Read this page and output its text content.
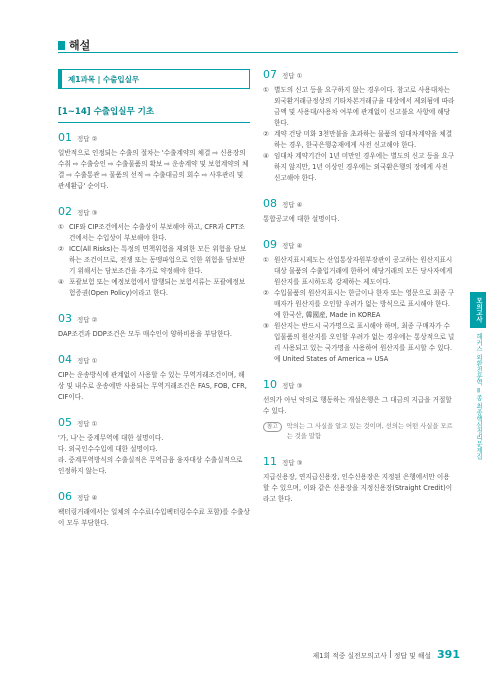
해설
제1과목 | 수출입실무
[1~14] 수출입실무 기초
01 정답 ②
일반적으로 인정되는 수출의 절차는 '수출계약의 체결 ⇨ 신용장의 수취 ⇨ 수출승인 ⇨ 수출물품의 확보 ⇨ 운송계약 및 보험계약의 체결 ⇨ 수출통관 ⇨ 물품의 선적 ⇨ 수출대금의 회수 ⇨ 사후관리 및 관세환급' 순이다.
02 정답 ③
① CIF와 CIP조건에서는 수출상이 부보해야 하고, CFR과 CPT조건에서는 수입상이 부보해야 한다.
② ICC(All Risks)는 특정의 면책위험을 제외한 모든 위험을 담보하는 조건이므로, 전쟁 또는 동맹파업으로 인한 위험을 담보받기 위해서는 담보조건을 추가로 약정해야 한다.
④ 포괄보험 또는 예정보험에서 발행되는 보험서류는 포괄예정보험증권(Open Policy)이라고 한다.
03 정답 ②
DAP조건과 DDP조건은 모두 매수인이 양하비용을 부담한다.
04 정답 ①
CIP는 운송방식에 관계없이 사용할 수 있는 무역거래조건이며, 해상 및 내수로 운송에만 사용되는 무역거래조건은 FAS, FOB, CFR, CIF이다.
05 정답 ①
'가, 나'는 중계무역에 대한 설명이다.
다. 외국인수수입에 대한 설명이다.
라. 중계무역방식의 수출실적은 무역금융 융자대상 수출실적으로 인정하지 않는다.
06 정답 ④
팩터링거래에서는 일체의 수수료(수입팩터링수수료 포함)를 수출상이 모두 부담한다.
07 정답 ①
① 별도의 신고 등을 요구하지 않는 경우이다. 참고로 사용대차는 외국환거래규정상의 기타차본거래규율 대상에서 제외됨에 따라 금액 및 사용대/사용차 여부에 관계없이 신고불요 사항에 해당한다.
② 계약 건당 미화 3천만불을 초과하는 물품의 임대차계약을 체결하는 경우, 한국은행총재에게 사전 신고해야 한다.
④ 임대차 계약기간이 1년 미만인 경우에는 별도의 신고 등을 요구하지 않지만, 1년 이상인 경우에는 외국환은행의 장에게 사전 신고해야 한다.
08 정답 ④
통합공고에 대한 설명이다.
09 정답 ④
① 원산지표시제도는 산업통상자원부장관이 공고하는 원산지표시대상 물품의 수출입거래에 한하여 해당거래의 모든 당사자에게 원산지를 표시하도록 강제하는 제도이다.
② 수입물품의 원산지표시는 한글이나 한자 또는 영문으로 최종 구매자가 원산지를 오인할 우려가 없는 방식으로 표시해야 한다.
예 한국산, 韓國産, Made in KOREA
③ 원산지는 반드시 국가명으로 표시해야 하며, 최종 구매자가 수입물품의 원산지를 오인할 우려가 없는 경우에는 통상적으로 널리 사용되고 있는 국가명을 사용하여 원산지를 표시할 수 있다.
예 United States of America ⇨ USA
10 정답 ③
선의가 아닌 악의로 행동하는 개설은행은 그 대금의 지급을 거절할 수 있다.
참고	악의는 그 사실을 알고 있는 것이며, 선의는 어떤 사실을 모르는 것을 말함
11 정답 ③
지급신용장, 연지급신용장, 인수신용장은 지정된 은행에서만 이용할 수 있으며, 이와 같은 신용장을 지정신용장(Straight Credit)이라고 한다.
모의고사
해커스 외환전문역 Ⅱ종 최종핵심정리문제집
제1회 적중 실전모의고사 정답 및 해설 391
